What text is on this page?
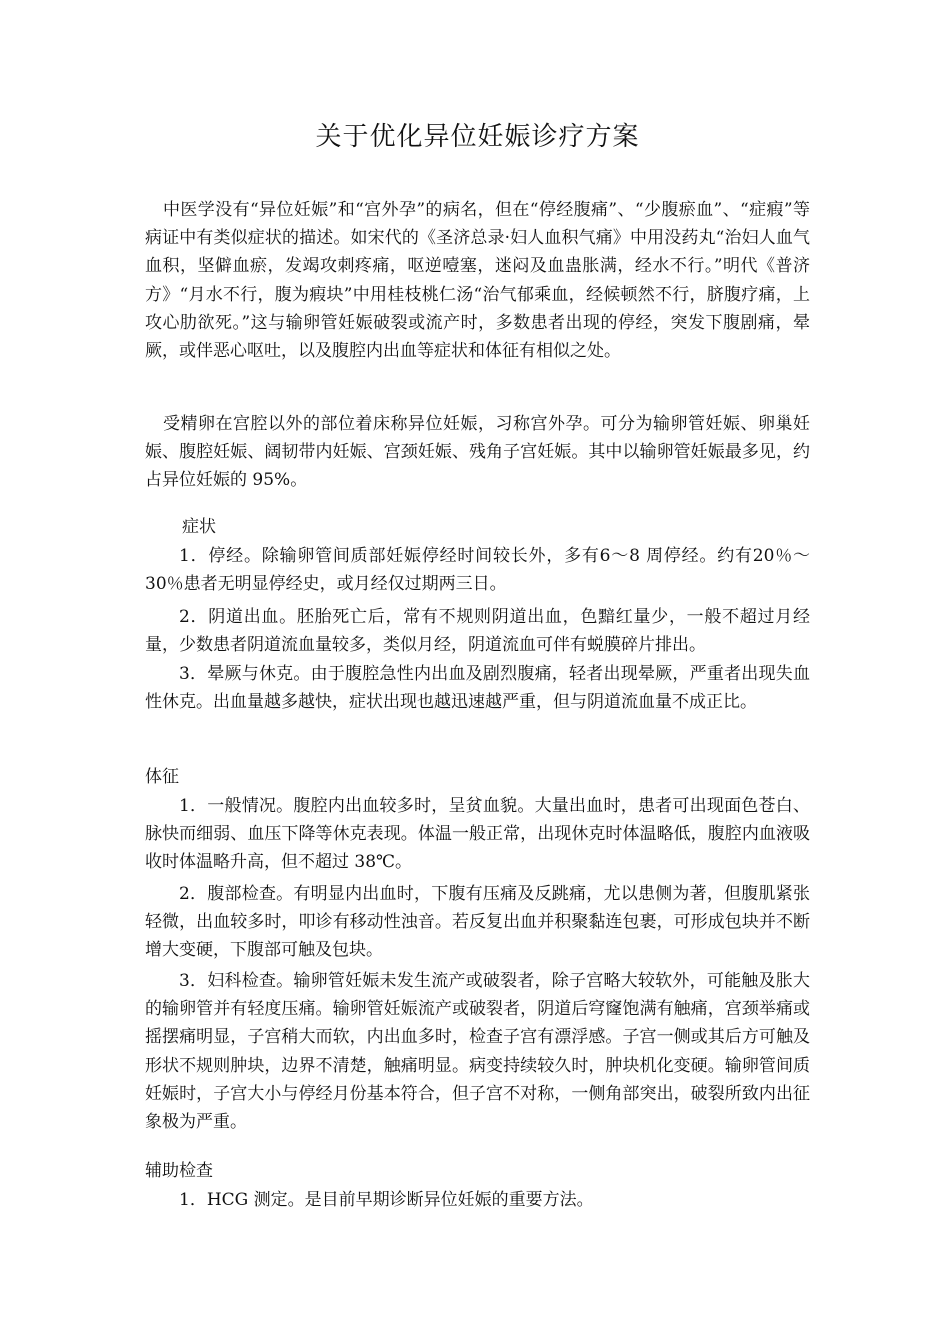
关于优化异位妊娠诊疗方案

中医学没有“异位妊娠”和“宫外孕”的病名，但在“停经腹痛”、“少腹瘀血”、“症瘕”等病证中有类似症状的描述。如宋代的《圣济总录·妇人血积气痛》中用没药丸“治妇人血气血积，坚僻血瘀，发竭攻刺疼痛，呕逆噎塞，迷闷及血蛊胀满，经水不行。”明代《普济方》“月水不行，腹为瘕块”中用桂枝桃仁汤“治气郁乘血，经候顿然不行，脐腹疗痛，上攻心肋欲死。”这与输卵管妊娠破裂或流产时，多数患者出现的停经，突发下腹剧痛，晕厥，或伴恶心呕吐，以及腹腔内出血等症状和体征有相似之处。

受精卵在宫腔以外的部位着床称异位妊娠，习称宫外孕。可分为输卵管妊娠、卵巢妊娠、腹腔妊娠、阔韧带内妊娠、宫颈妊娠、残角子宫妊娠。其中以输卵管妊娠最多见，约占异位妊娠的 95%。

症状

1．停经。除输卵管间质部妊娠停经时间较长外，多有6～8 周停经。约有20％～30％患者无明显停经史，或月经仅过期两三日。

2．阴道出血。胚胎死亡后，常有不规则阴道出血，色黯红量少，一般不超过月经量，少数患者阴道流血量较多，类似月经，阴道流血可伴有蜕膜碎片排出。

3．晕厥与休克。由于腹腔急性内出血及剧烈腹痛，轻者出现晕厥，严重者出现失血性休克。出血量越多越快，症状出现也越迅速越严重，但与阴道流血量不成正比。

体征

1．一般情况。腹腔内出血较多时，呈贫血貌。大量出血时，患者可出现面色苍白、脉快而细弱、血压下降等休克表现。体温一般正常，出现休克时体温略低，腹腔内血液吸收时体温略升高，但不超过 38℃。

2．腹部检查。有明显内出血时，下腹有压痛及反跳痛，尤以患侧为著，但腹肌紧张轻微，出血较多时，叩诊有移动性浊音。若反复出血并积聚黏连包裹，可形成包块并不断增大变硬，下腹部可触及包块。

3．妇科检查。输卵管妊娠未发生流产或破裂者，除子宫略大较软外，可能触及胀大的输卵管并有轻度压痛。输卵管妊娠流产或破裂者，阴道后穹窿饱满有触痛，宫颈举痛或摇摆痛明显，子宫稍大而软，内出血多时，检查子宫有漂浮感。子宫一侧或其后方可触及形状不规则肿块，边界不清楚，触痛明显。病变持续较久时，肿块机化变硬。输卵管间质妊娠时，子宫大小与停经月份基本符合，但子宫不对称，一侧角部突出，破裂所致内出征象极为严重。

辅助检查

1．HCG 测定。是目前早期诊断异位妊娠的重要方法。
